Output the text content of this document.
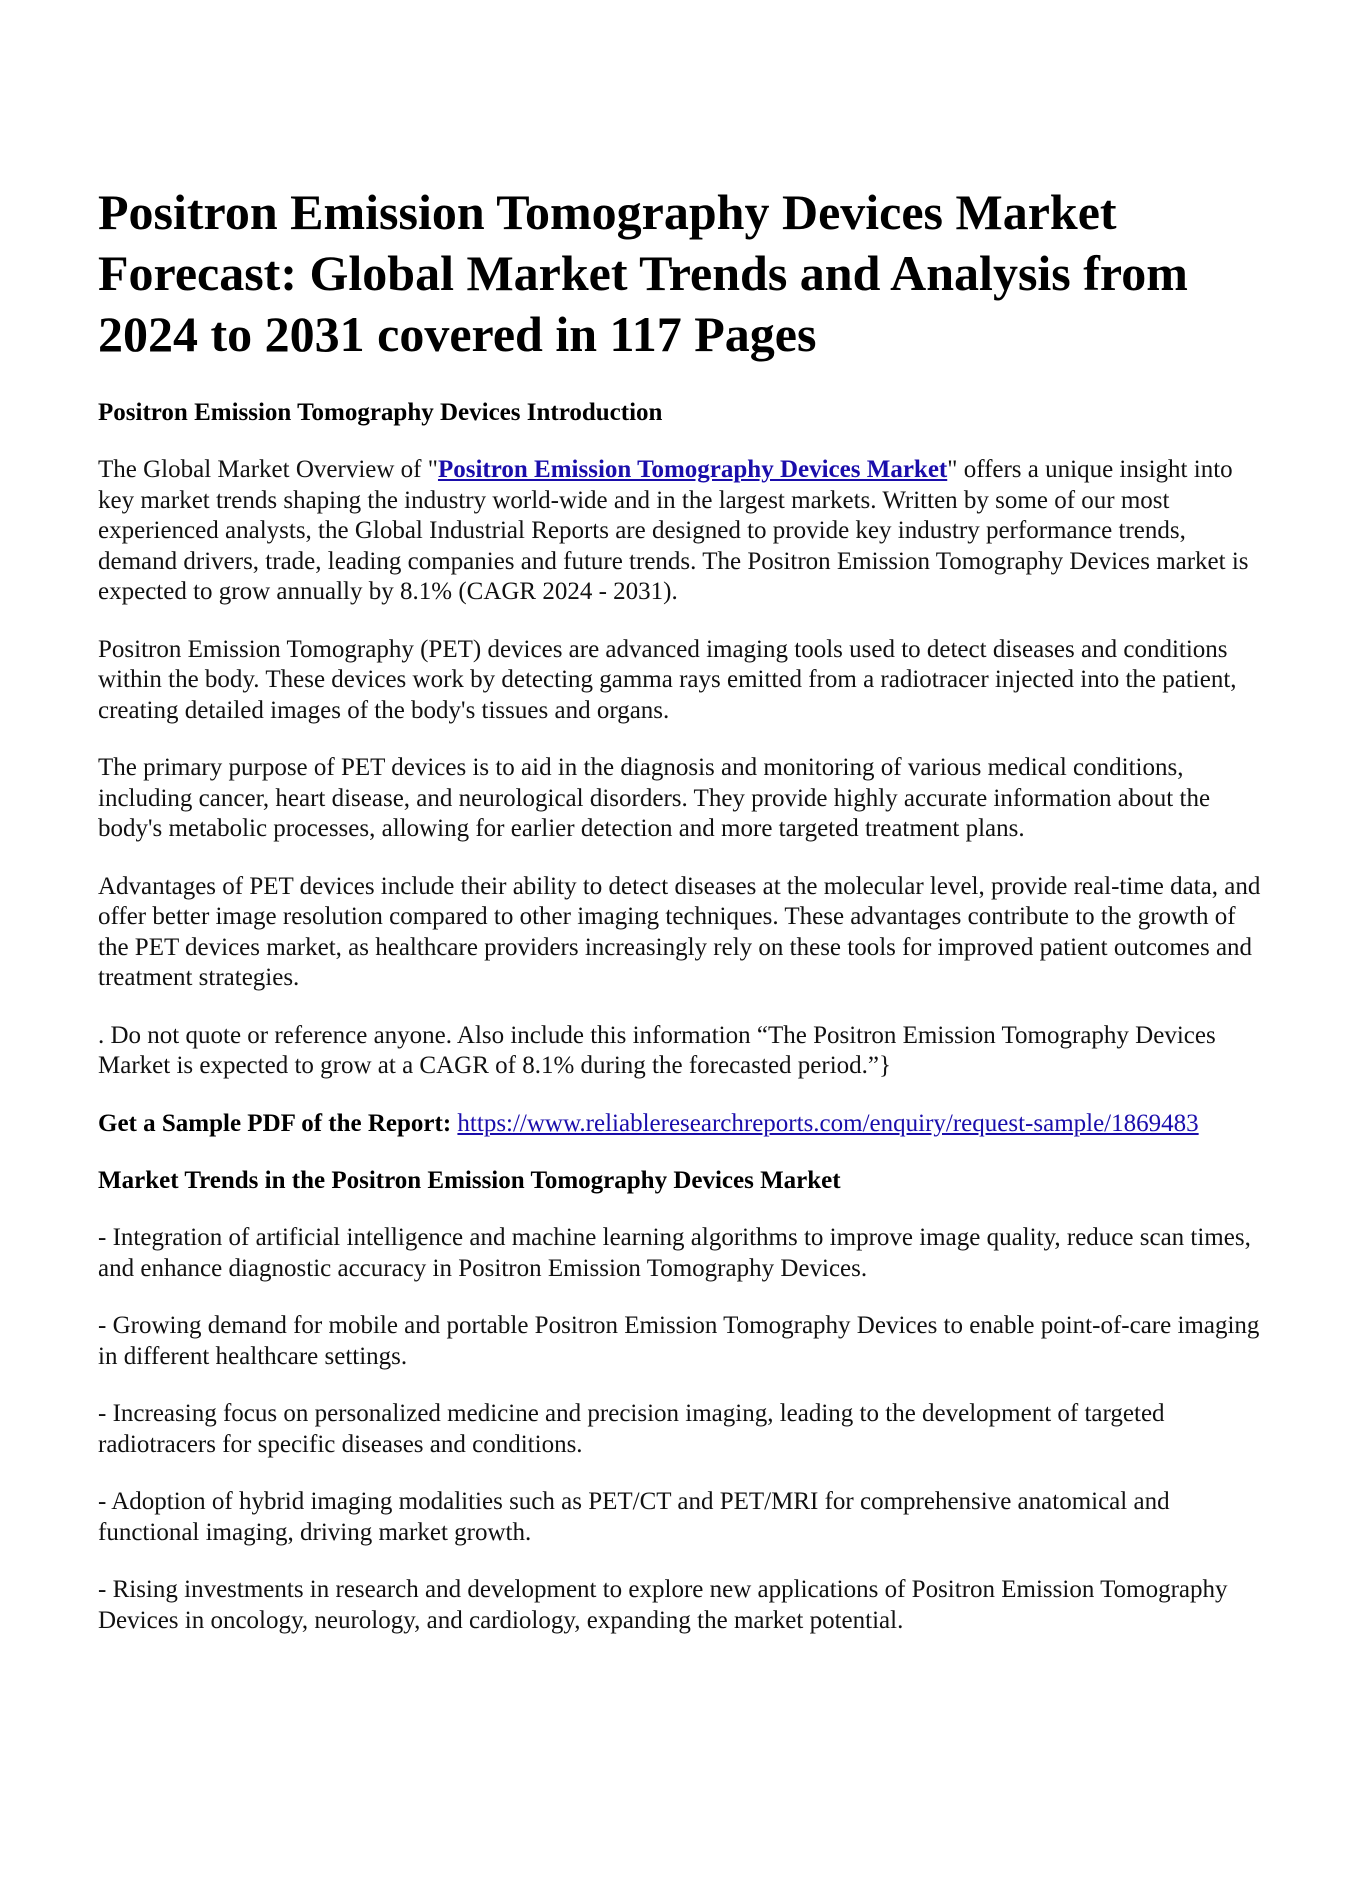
Positron Emission Tomography Devices Market Forecast: Global Market Trends and Analysis from 2024 to 2031 covered in 117 Pages
Positron Emission Tomography Devices Introduction

The Global Market Overview of "Positron Emission Tomography Devices Market" offers a unique insight into key market trends shaping the industry world-wide and in the largest markets. Written by some of our most experienced analysts, the Global Industrial Reports are designed to provide key industry performance trends, demand drivers, trade, leading companies and future trends. The Positron Emission Tomography Devices market is expected to grow annually by 8.1% (CAGR 2024 - 2031).

Positron Emission Tomography (PET) devices are advanced imaging tools used to detect diseases and conditions within the body. These devices work by detecting gamma rays emitted from a radiotracer injected into the patient, creating detailed images of the body's tissues and organs.

The primary purpose of PET devices is to aid in the diagnosis and monitoring of various medical conditions, including cancer, heart disease, and neurological disorders. They provide highly accurate information about the body's metabolic processes, allowing for earlier detection and more targeted treatment plans.

Advantages of PET devices include their ability to detect diseases at the molecular level, provide real-time data, and offer better image resolution compared to other imaging techniques. These advantages contribute to the growth of the PET devices market, as healthcare providers increasingly rely on these tools for improved patient outcomes and treatment strategies.

. Do not quote or reference anyone. Also include this information “The Positron Emission Tomography Devices Market is expected to grow at a CAGR of 8.1% during the forecasted period.”}

Get a Sample PDF of the Report: https://www.reliableresearchreports.com/enquiry/request-sample/1869483

Market Trends in the Positron Emission Tomography Devices Market

- Integration of artificial intelligence and machine learning algorithms to improve image quality, reduce scan times, and enhance diagnostic accuracy in Positron Emission Tomography Devices.

- Growing demand for mobile and portable Positron Emission Tomography Devices to enable point-of-care imaging in different healthcare settings.

- Increasing focus on personalized medicine and precision imaging, leading to the development of targeted radiotracers for specific diseases and conditions.

- Adoption of hybrid imaging modalities such as PET/CT and PET/MRI for comprehensive anatomical and functional imaging, driving market growth.

- Rising investments in research and development to explore new applications of Positron Emission Tomography Devices in oncology, neurology, and cardiology, expanding the market potential.
